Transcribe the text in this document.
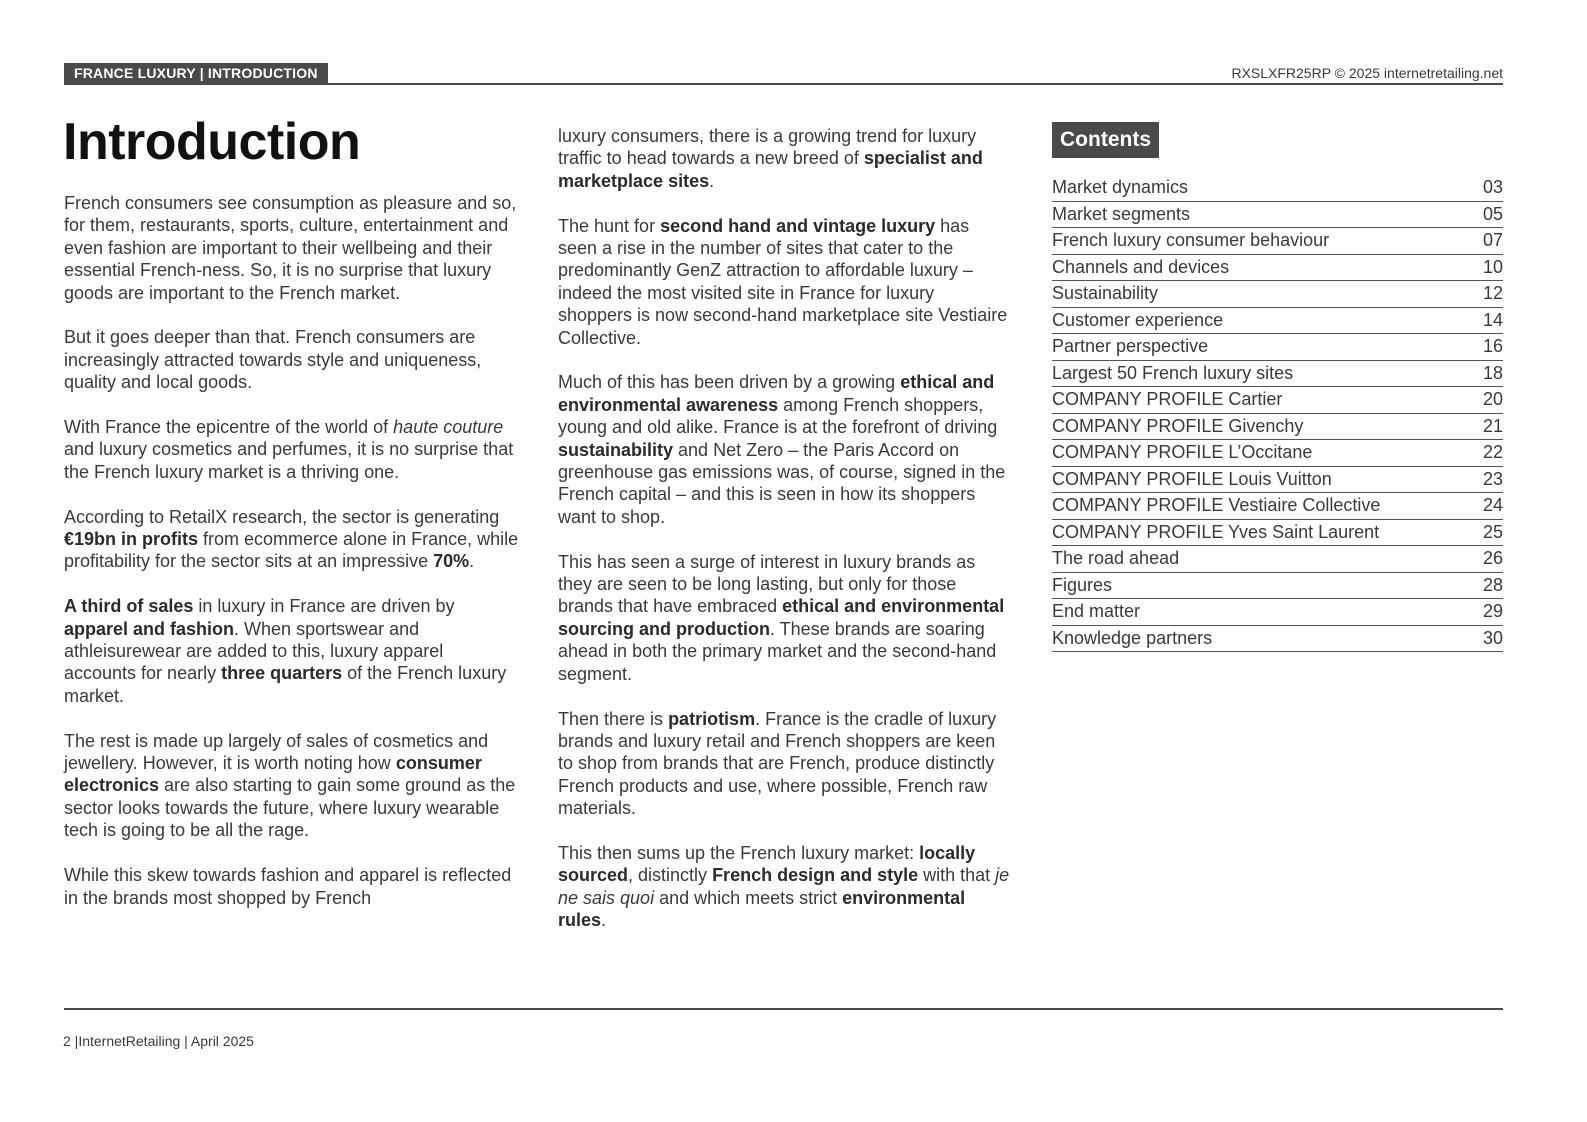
FRANCE LUXURY | INTRODUCTION	RXSLXFR25RP © 2025 internetretailing.net
Introduction

French consumers see consumption as pleasure and so, for them, restaurants, sports, culture, entertainment and even fashion are important to their wellbeing and their essential French-ness. So, it is no surprise that luxury goods are important to the French market.

But it goes deeper than that. French consumers are increasingly attracted towards style and uniqueness, quality and local goods.

With France the epicentre of the world of haute couture and luxury cosmetics and perfumes, it is no surprise that the French luxury market is a thriving one.

According to RetailX research, the sector is generating €19bn in profits from ecommerce alone in France, while profitability for the sector sits at an impressive 70%.

A third of sales in luxury in France are driven by apparel and fashion. When sportswear and athleisurewear are added to this, luxury apparel accounts for nearly three quarters of the French luxury market.

The rest is made up largely of sales of cosmetics and jewellery. However, it is worth noting how consumer electronics are also starting to gain some ground as the sector looks towards the future, where luxury wearable tech is going to be all the rage.

While this skew towards fashion and apparel is reflected in the brands most shopped by French

luxury consumers, there is a growing trend for luxury traffic to head towards a new breed of specialist and marketplace sites.

The hunt for second hand and vintage luxury has seen a rise in the number of sites that cater to the predominantly GenZ attraction to affordable luxury – indeed the most visited site in France for luxury shoppers is now second-hand marketplace site Vestiaire Collective.

Much of this has been driven by a growing ethical and environmental awareness among French shoppers, young and old alike. France is at the forefront of driving sustainability and Net Zero – the Paris Accord on greenhouse gas emissions was, of course, signed in the French capital – and this is seen in how its shoppers want to shop.

This has seen a surge of interest in luxury brands as they are seen to be long lasting, but only for those brands that have embraced ethical and environmental sourcing and production. These brands are soaring ahead in both the primary market and the second-hand segment.

Then there is patriotism. France is the cradle of luxury brands and luxury retail and French shoppers are keen to shop from brands that are French, produce distinctly French products and use, where possible, French raw materials.

This then sums up the French luxury market: locally sourced, distinctly French design and style with that je ne sais quoi and which meets strict environmental rules.

Contents
Market dynamics	03
Market segments	05
French luxury consumer behaviour	07
Channels and devices	10
Sustainability	12
Customer experience	14
Partner perspective	16
Largest 50 French luxury sites	18
COMPANY PROFILE Cartier	20
COMPANY PROFILE Givenchy	21
COMPANY PROFILE L’Occitane	22
COMPANY PROFILE Louis Vuitton	23
COMPANY PROFILE Vestiaire Collective	24
COMPANY PROFILE Yves Saint Laurent	25
The road ahead	26
Figures	28
End matter	29
Knowledge partners	30
2 |InternetRetailing | April 2025
